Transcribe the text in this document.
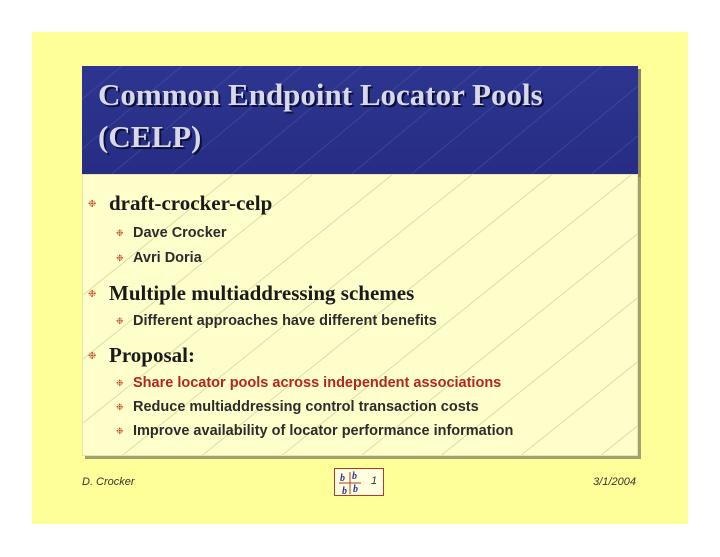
Common Endpoint Locator Pools
(CELP)
❉ draft-crocker-celp
❉ Dave Crocker
❉ Avri Doria
❉ Multiple multiaddressing schemes
❉ Different approaches have different benefits
❉ Proposal:
❉ Share locator pools across independent associations
❉ Reduce multiaddressing control transaction costs
❉ Improve availability of locator performance information
D. Crocker	b b
b
b
1	3/1/2004
